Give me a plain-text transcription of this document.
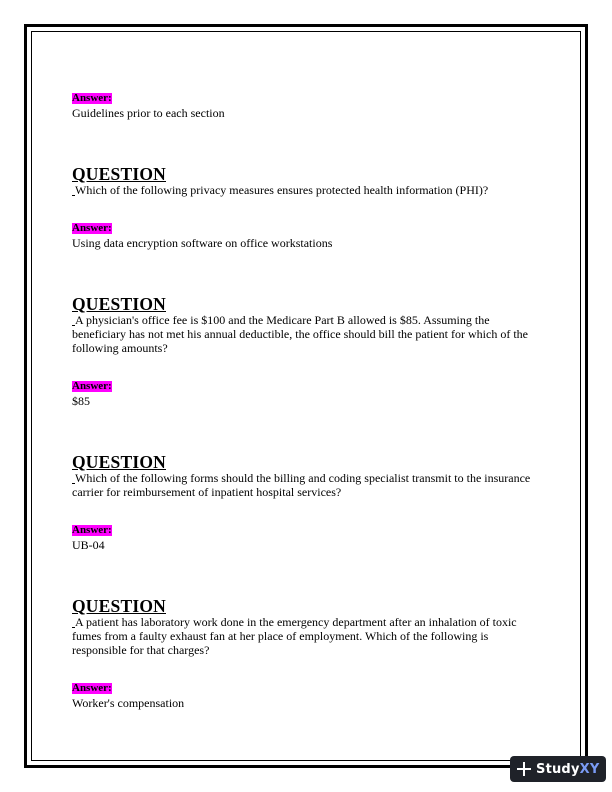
Answer:
Guidelines prior to each section
QUESTION
Which of the following privacy measures ensures protected health information (PHI)?
Answer:
Using data encryption software on office workstations
QUESTION
A physician's office fee is $100 and the Medicare Part B allowed is $85. Assuming the beneficiary has not met his annual deductible, the office should bill the patient for which of the following amounts?
Answer:
$85
QUESTION
Which of the following forms should the billing and coding specialist transmit to the insurance carrier for reimbursement of inpatient hospital services?
Answer:
UB-04
QUESTION
A patient has laboratory work done in the emergency department after an inhalation of toxic fumes from a faulty exhaust fan at her place of employment. Which of the following is responsible for that charges?
Answer:
Worker's compensation
StudyXY
